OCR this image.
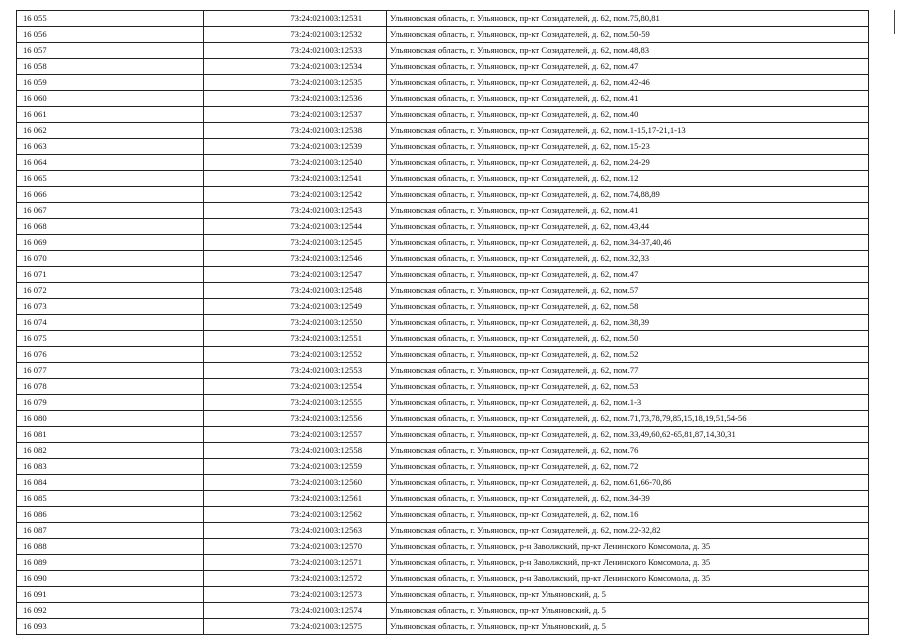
16 055	73:24:021003:12531	Ульяновская область, г. Ульяновск, пр-кт Созидателей, д. 62, пом.75,80,81
16 056	73:24:021003:12532	Ульяновская область, г. Ульяновск, пр-кт Созидателей, д. 62, пом.50-59
16 057	73:24:021003:12533	Ульяновская область, г. Ульяновск, пр-кт Созидателей, д. 62, пом.48,83
16 058	73:24:021003:12534	Ульяновская область, г. Ульяновск, пр-кт Созидателей, д. 62, пом.47
16 059	73:24:021003:12535	Ульяновская область, г. Ульяновск, пр-кт Созидателей, д. 62, пом.42-46
16 060	73:24:021003:12536	Ульяновская область, г. Ульяновск, пр-кт Созидателей, д. 62, пом.41
16 061	73:24:021003:12537	Ульяновская область, г. Ульяновск, пр-кт Созидателей, д. 62, пом.40
16 062	73:24:021003:12538	Ульяновская область, г. Ульяновск, пр-кт Созидателей, д. 62, пом.1-15,17-21,1-13
16 063	73:24:021003:12539	Ульяновская область, г. Ульяновск, пр-кт Созидателей, д. 62, пом.15-23
16 064	73:24:021003:12540	Ульяновская область, г. Ульяновск, пр-кт Созидателей, д. 62, пом.24-29
16 065	73:24:021003:12541	Ульяновская область, г. Ульяновск, пр-кт Созидателей, д. 62, пом.12
16 066	73:24:021003:12542	Ульяновская область, г. Ульяновск, пр-кт Созидателей, д. 62, пом.74,88,89
16 067	73:24:021003:12543	Ульяновская область, г. Ульяновск, пр-кт Созидателей, д. 62, пом.41
16 068	73:24:021003:12544	Ульяновская область, г. Ульяновск, пр-кт Созидателей, д. 62, пом.43,44
16 069	73:24:021003:12545	Ульяновская область, г. Ульяновск, пр-кт Созидателей, д. 62, пом.34-37,40,46
16 070	73:24:021003:12546	Ульяновская область, г. Ульяновск, пр-кт Созидателей, д. 62, пом.32,33
16 071	73:24:021003:12547	Ульяновская область, г. Ульяновск, пр-кт Созидателей, д. 62, пом.47
16 072	73:24:021003:12548	Ульяновская область, г. Ульяновск, пр-кт Созидателей, д. 62, пом.57
16 073	73:24:021003:12549	Ульяновская область, г. Ульяновск, пр-кт Созидателей, д. 62, пом.58
16 074	73:24:021003:12550	Ульяновская область, г. Ульяновск, пр-кт Созидателей, д. 62, пом.38,39
16 075	73:24:021003:12551	Ульяновская область, г. Ульяновск, пр-кт Созидателей, д. 62, пом.50
16 076	73:24:021003:12552	Ульяновская область, г. Ульяновск, пр-кт Созидателей, д. 62, пом.52
16 077	73:24:021003:12553	Ульяновская область, г. Ульяновск, пр-кт Созидателей, д. 62, пом.77
16 078	73:24:021003:12554	Ульяновская область, г. Ульяновск, пр-кт Созидателей, д. 62, пом.53
16 079	73:24:021003:12555	Ульяновская область, г. Ульяновск, пр-кт Созидателей, д. 62, пом.1-3
16 080	73:24:021003:12556	Ульяновская область, г. Ульяновск, пр-кт Созидателей, д. 62, пом.71,73,78,79,85,15,18,19,51,54-56
16 081	73:24:021003:12557	Ульяновская область, г. Ульяновск, пр-кт Созидателей, д. 62, пом.33,49,60,62-65,81,87,14,30,31
16 082	73:24:021003:12558	Ульяновская область, г. Ульяновск, пр-кт Созидателей, д. 62, пом.76
16 083	73:24:021003:12559	Ульяновская область, г. Ульяновск, пр-кт Созидателей, д. 62, пом.72
16 084	73:24:021003:12560	Ульяновская область, г. Ульяновск, пр-кт Созидателей, д. 62, пом.61,66-70,86
16 085	73:24:021003:12561	Ульяновская область, г. Ульяновск, пр-кт Созидателей, д. 62, пом.34-39
16 086	73:24:021003:12562	Ульяновская область, г. Ульяновск, пр-кт Созидателей, д. 62, пом.16
16 087	73:24:021003:12563	Ульяновская область, г. Ульяновск, пр-кт Созидателей, д. 62, пом.22-32,82
16 088	73:24:021003:12570	Ульяновская область, г. Ульяновск, р-н Заволжский, пр-кт Ленинского Комсомола, д. 35
16 089	73:24:021003:12571	Ульяновская область, г. Ульяновск, р-н Заволжский, пр-кт Ленинского Комсомола, д. 35
16 090	73:24:021003:12572	Ульяновская область, г. Ульяновск, р-н Заволжский, пр-кт Ленинского Комсомола, д. 35
16 091	73:24:021003:12573	Ульяновская область, г. Ульяновск, пр-кт Ульяновский, д. 5
16 092	73:24:021003:12574	Ульяновская область, г. Ульяновск, пр-кт Ульяновский, д. 5
16 093	73:24:021003:12575	Ульяновская область, г. Ульяновск, пр-кт Ульяновский, д. 5
